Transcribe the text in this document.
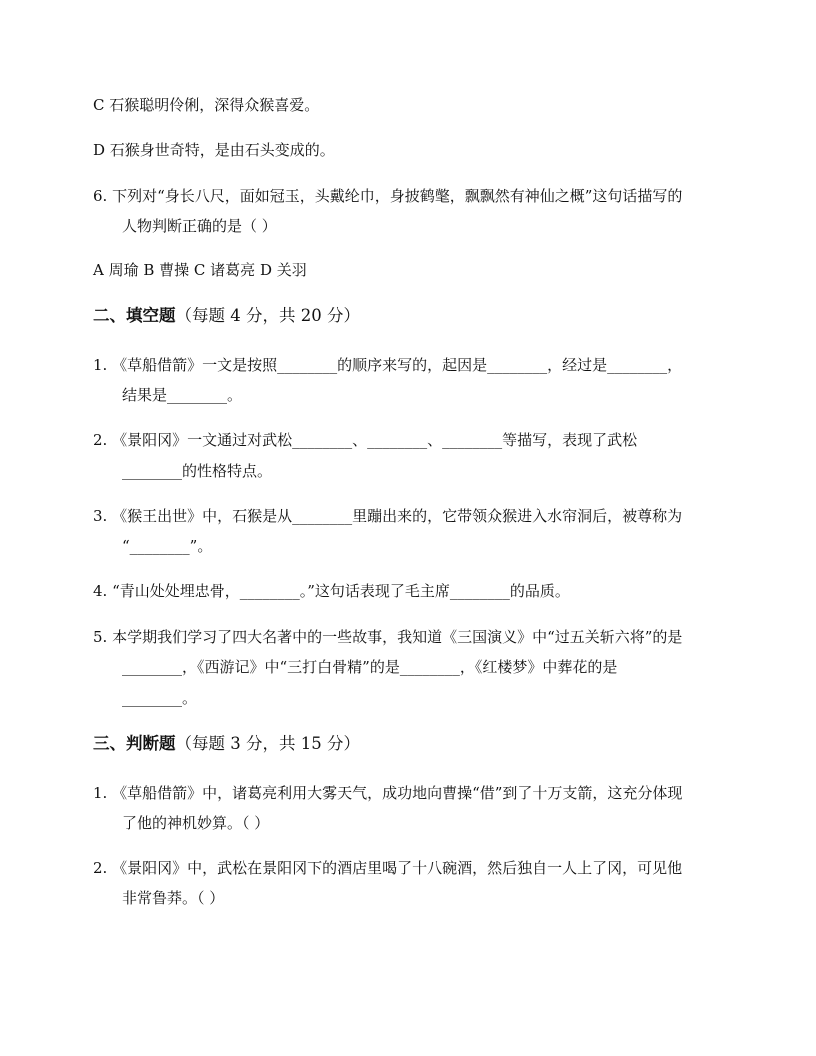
C 石猴聪明伶俐，深得众猴喜爱。
D 石猴身世奇特，是由石头变成的。
6. 下列对“身长八尺，面如冠玉，头戴纶巾，身披鹤氅，飘飘然有神仙之概”这句话描写的
人物判断正确的是（ ）
A 周瑜 B 曹操 C 诸葛亮 D 关羽
二、填空题（每题 4 分，共 20 分）
1. 《草船借箭》一文是按照________的顺序来写的，起因是________，经过是________，
结果是________。
2. 《景阳冈》一文通过对武松________、________、________等描写，表现了武松
________的性格特点。
3. 《猴王出世》中，石猴是从________里蹦出来的，它带领众猴进入水帘洞后，被尊称为
“________”。
4. “青山处处埋忠骨，________。”这句话表现了毛主席________的品质。
5. 本学期我们学习了四大名著中的一些故事，我知道《三国演义》中“过五关斩六将”的是
________，《西游记》中“三打白骨精”的是________，《红楼梦》中葬花的是
________。
三、判断题（每题 3 分，共 15 分）
1. 《草船借箭》中，诸葛亮利用大雾天气，成功地向曹操“借”到了十万支箭，这充分体现
了他的神机妙算。（ ）
2. 《景阳冈》中，武松在景阳冈下的酒店里喝了十八碗酒，然后独自一人上了冈，可见他
非常鲁莽。（ ）
